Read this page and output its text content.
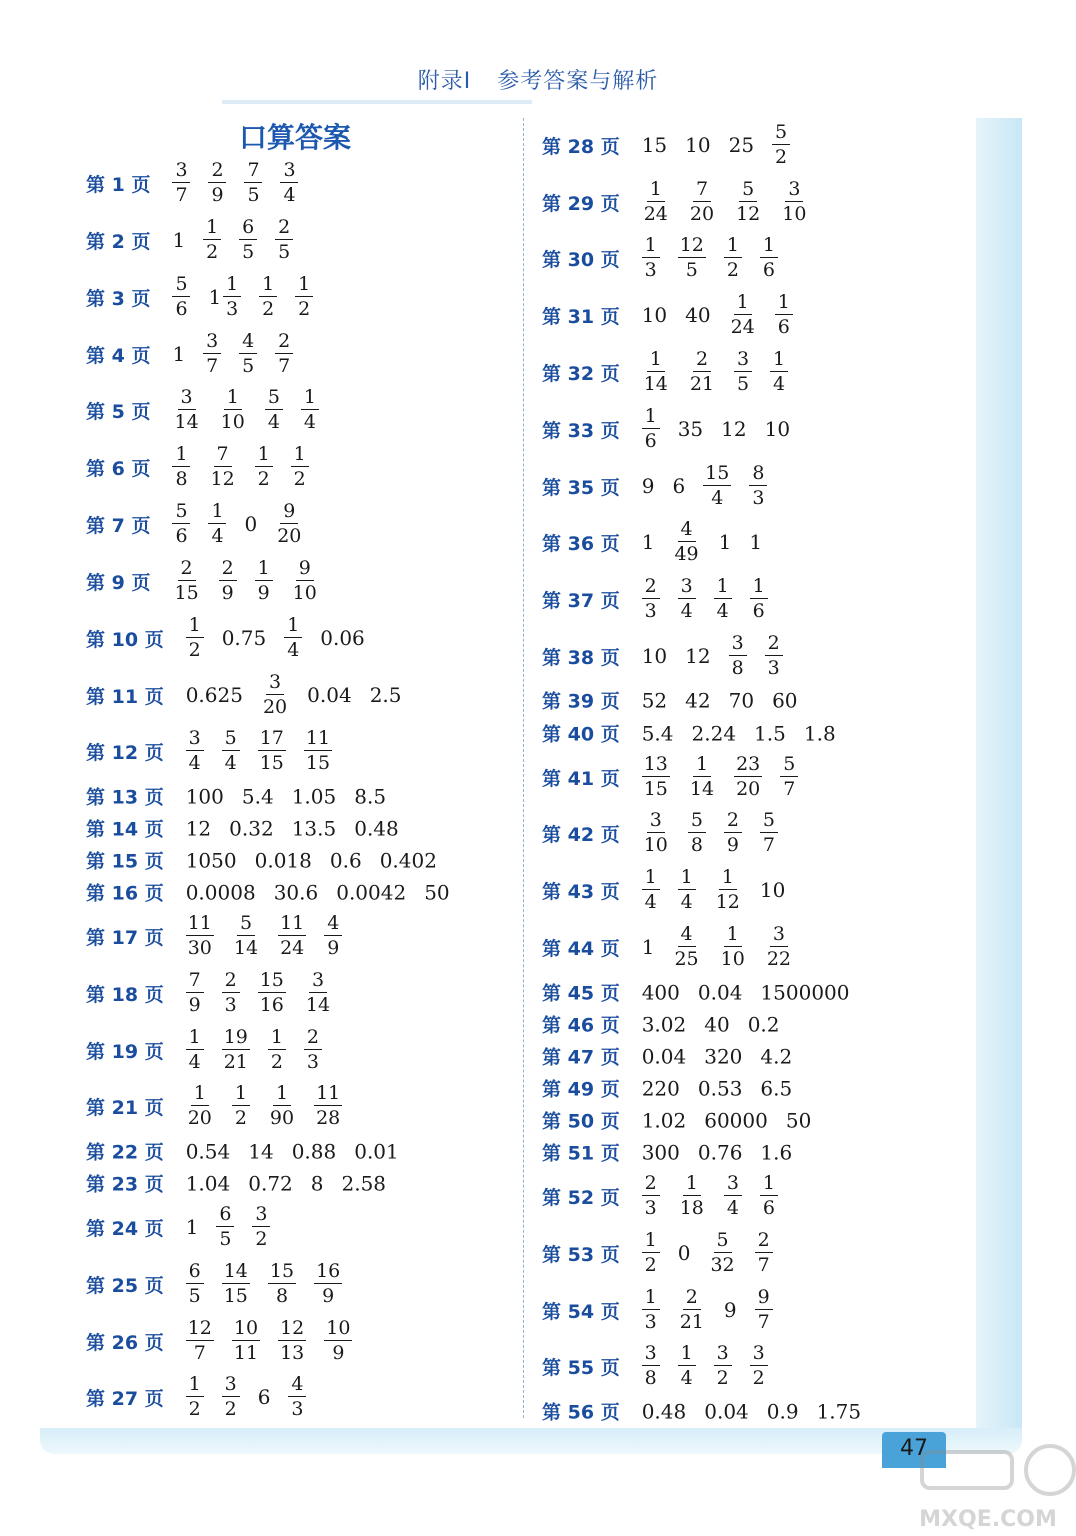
附录Ⅰ 参考答案与解析
口算答案
第 1 页 $\frac{3}{7} \frac{2}{9} \frac{7}{5} \frac{3}{4}$
第 2 页 $1 \frac{1}{2} \frac{6}{5} \frac{2}{5}$
第 3 页 $\frac{5}{6} 1 \frac{1}{3} \frac{1}{2} \frac{1}{2}$
第 4 页 $1 \frac{3}{7} \frac{4}{5} \frac{2}{7}$
第 5 页 $\frac{3}{14} \frac{1}{10} \frac{5}{4} \frac{1}{4}$
第 6 页 $\frac{1}{8} \frac{7}{12} \frac{1}{2} \frac{1}{2}$
第 7 页 $\frac{5}{6} \frac{1}{4} 0 \frac{9}{20}$
第 9 页 $\frac{2}{15} \frac{2}{9} \frac{1}{9} \frac{9}{10}$
第 10 页 $\frac{1}{2} 0.75 \frac{1}{4} 0.06$
第 11 页 $0.625 \frac{3}{20} 0.04$ 2.5
第 12 页 $\frac{3}{4} \frac{5}{4} \frac{17}{15} \frac{11}{15}$
第 13 页 100 5.4 1.05 8.5
第 14 页 12 0.32 13.5 0.48
第 15 页 1050 0.018 0.6 0.402
第 16 页 0.0008 30.6 0.0042 50
第 17 页 $\frac{11}{30} \frac{5}{14} \frac{11}{24} \frac{4}{9}$
第 18 页 $\frac{7}{9} \frac{2}{3} \frac{15}{16} \frac{3}{14}$
第 19 页 $\frac{1}{4} \frac{19}{21} \frac{1}{2} \frac{2}{3}$
第 21 页 $\frac{1}{20} \frac{1}{2} \frac{1}{90} \frac{11}{28}$
第 22 页 0.54 14 0.88 0.01
第 23 页 1.04 0.72 8 2.58
第 24 页 $1 \frac{6}{5} \frac{3}{2}$
第 25 页 $\frac{6}{5} \frac{14}{15} \frac{15}{8} \frac{16}{9}$
第 26 页 $\frac{12}{7} \frac{10}{11} \frac{12}{13} \frac{10}{9}$
第 27 页 $\frac{1}{2} \frac{3}{2} 6 \frac{4}{3}$
第 28 页 15 10 $25 \frac{5}{2}$
第 29 页 $\frac{1}{24} \frac{7}{20} \frac{5}{12} \frac{3}{10}$
第 30 页 $\frac{1}{3} \frac{12}{5} \frac{1}{2} \frac{1}{6}$
第 31 页 10 $40 \frac{1}{24} \frac{1}{6}$
第 32 页 $\frac{1}{14} \frac{2}{21} \frac{3}{5} \frac{1}{4}$
第 33 页 $\frac{1}{6} 35$ 12 10
第 35 页 9 $6 \frac{15}{4} \frac{8}{3}$
第 36 页 $1 \frac{4}{49} 1$ 1
第 37 页 $\frac{2}{3} \frac{3}{4} \frac{1}{4} \frac{1}{6}$
第 38 页 10 $12 \frac{3}{8} \frac{2}{3}$
第 39 页 52 42 70 60
第 40 页 5.4 2.24 1.5 1.8
第 41 页 $\frac{13}{15} \frac{1}{14} \frac{23}{20} \frac{5}{7}$
第 42 页 $\frac{3}{10} \frac{5}{8} \frac{2}{9} \frac{5}{7}$
第 43 页 $\frac{1}{4} \frac{1}{4} \frac{1}{12} 10$
第 44 页 $1 \frac{4}{25} \frac{1}{10} \frac{3}{22}$
第 45 页 400 0.04 1500000
第 46 页 3.02 40 0.2
第 47 页 0.04 320 4.2
第 49 页 220 0.53 6.5
第 50 页 1.02 60000 50
第 51 页 300 0.76 1.6
第 52 页 $\frac{2}{3} \frac{1}{18} \frac{3}{4} \frac{1}{6}$
第 53 页 $\frac{1}{2} 0 \frac{5}{32} \frac{2}{7}$
第 54 页 $\frac{1}{3} \frac{2}{21} 9 \frac{9}{7}$
第 55 页 $\frac{3}{8} \frac{1}{4} \frac{3}{2} \frac{3}{2}$
第 56 页 0.48 0.04 0.9 1.75
47
MXQE.COM
